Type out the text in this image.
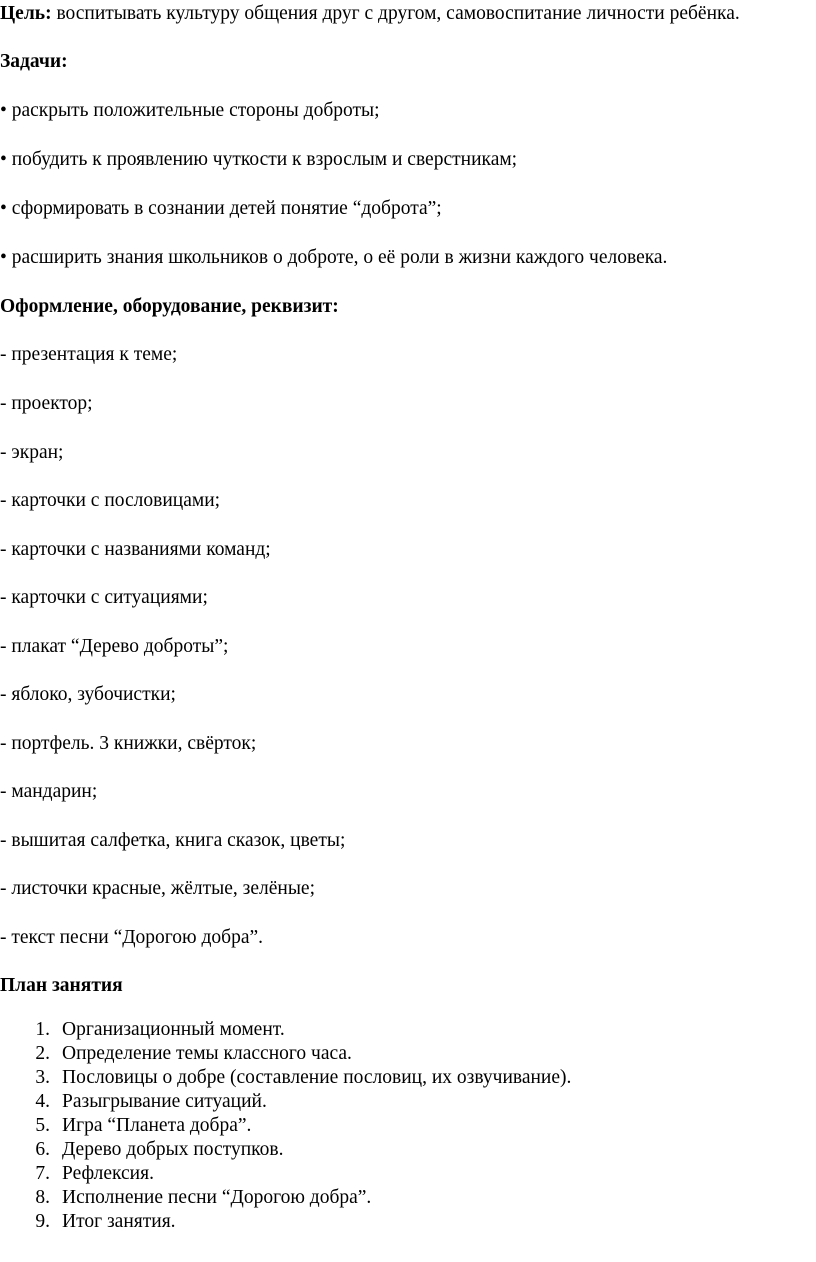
Цель: воспитывать культуру общения друг с другом, самовоспитание личности ребёнка.
Задачи:
• раскрыть положительные стороны доброты;
• побудить к проявлению чуткости к взрослым и сверстникам;
• сформировать в сознании детей понятие “доброта”;
• расширить знания школьников о доброте, о её роли в жизни каждого человека.
Оформление, оборудование, реквизит:
- презентация к теме;
- проектор;
- экран;
- карточки с пословицами;
- карточки с названиями команд;
- карточки с ситуациями;
- плакат “Дерево доброты”;
- яблоко, зубочистки;
- портфель. 3 книжки, свёрток;
- мандарин;
- вышитая салфетка, книга сказок, цветы;
- листочки красные, жёлтые, зелёные;
- текст песни “Дорогою добра”.
План занятия
1. Организационный момент.
2. Определение темы классного часа.
3. Пословицы о добре (составление пословиц, их озвучивание).
4. Разыгрывание ситуаций.
5. Игра “Планета добра”.
6. Дерево добрых поступков.
7. Рефлексия.
8. Исполнение песни “Дорогою добра”.
9. Итог занятия.
